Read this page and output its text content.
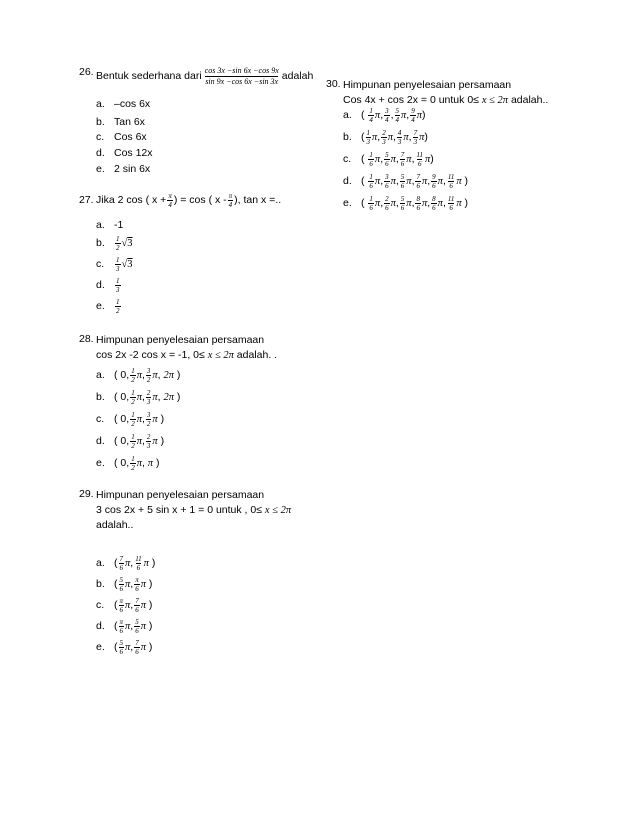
26. Bentuk sederhana dari cos 3x −sin 6x −cos 9x
sin 9x −cos 6x −sin 3x adalah
a. –cos 6x
b. Tan 6x
c. Cos 6x
d. Cos 12x
e. 2 sin 6x
27. Jika 2 cos ( $x + \frac{\pi}{4}$ ) = cos ( x - $\frac{\pi}{4}$ ), tan x =..
a. -1
b.	$\frac{1}{2} √3$
c.	$\frac{1}{3} √3$
d.	$\frac{1}{3}$
e.	$\frac{1}{2}$
28. Himpunan penyelesaian persamaan
cos 2x -2 cos x = -1, 0≤ x ≤ 2π adalah. .
a. (
0 , $\frac{1}{2}$ π , $\frac{3}{2}$ π ,
2π
)
b. (
0 , $\frac{1}{2}$ π , $\frac{2}{3}$ π ,
2π
)
c. (
0 , $\frac{1}{2}$ π , $\frac{3}{2}$ π
)
d. (
0 , $\frac{1}{2}$ π , $\frac{2}{3}$ π
)
e. (
0 , $\frac{1}{2}$ π ,
π
)
29. Himpunan penyelesaian persamaan
3 cos 2x + 5 sin x + 1 = 0 untuk , 0≤ x ≤ 2π
adalah..
a. ( $\frac{7}{6}$ π , $\frac{11}{6}$ π
)
b. ( $\frac{5}{6}$ π , $\frac{\pi}{6}$ π
)
c. ( $\frac{\pi}{6}$ π , $\frac{7}{6}$ π
)
d. ( $\frac{\pi}{6}$ π , $\frac{5}{6}$ π
)
e. ( $\frac{5}{6}$ π , $\frac{7}{6}$ π
)
30. Himpunan penyelesaian persamaan
Cos 4x + cos 2x = 0 untuk 0≤ x ≤ 2π adalah..
a. (
$\frac{1}{4}$ π , $\frac{3}{4}$ , $\frac{5}{4}$ π , $\frac{9}{4}$ π )
b. ( $\frac{1}{3}$ π , $\frac{2}{3}$ π , $\frac{4}{3}$ π , $\frac{7}{3}$ π )
c. (
$\frac{1}{6}$ π , $\frac{5}{6}$ π , $\frac{7}{6}$ π , $\frac{11}{6}$ π )
d. (
$\frac{1}{6}$ π , $\frac{3}{6}$ π , $\frac{5}{6}$ π , $\frac{7}{6}$ π , $\frac{9}{6}$ π , $\frac{11}{6}$ π
)
e. (
$\frac{1}{6}$ π , $\frac{2}{6}$ π , $\frac{5}{6}$ π , $\frac{8}{6}$ π , $\frac{8}{6}$ π , $\frac{11}{6}$ π
)
